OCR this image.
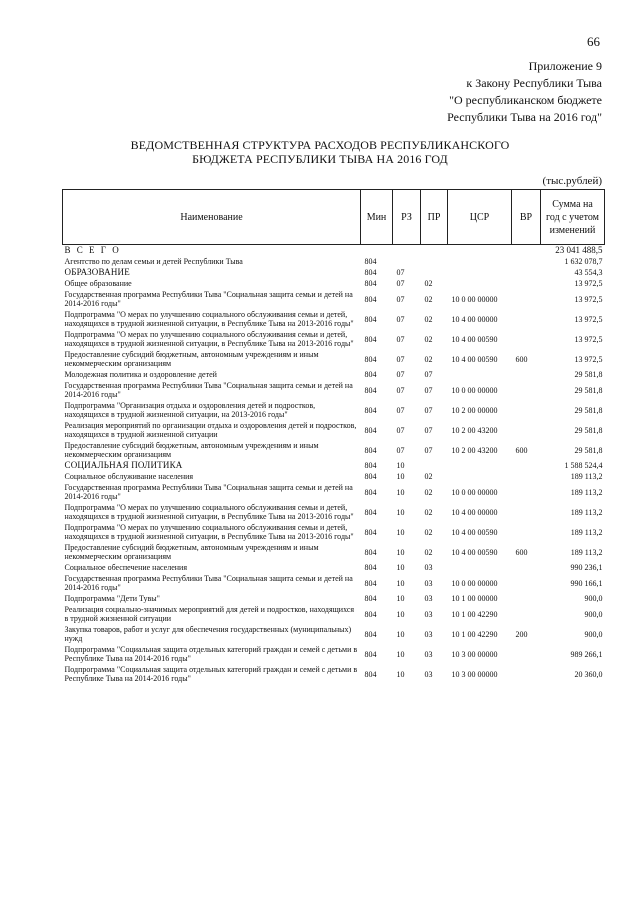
66
Приложение 9
к Закону Республики Тыва
"О республиканском бюджете
Республики Тыва на 2016 год"
ВЕДОМСТВЕННАЯ СТРУКТУРА РАСХОДОВ РЕСПУБЛИКАНСКОГО
БЮДЖЕТА РЕСПУБЛИКИ ТЫВА НА 2016 ГОД
(тыс.рублей)
Наименование	Мин	РЗ	ПР	ЦСР	ВР	Сумма на
год с учетом
изменений

В С Е Г О						23 041 488,5
Агентство по делам семьи и детей Республики Тыва	804					1 632 078,7
ОБРАЗОВАНИЕ	804	07				43 554,3
Общее образование	804	07	02			13 972,5
Государственная программа Республики Тыва "Социальная защита семьи и детей на 2014-2016 годы"	804	07	02	10 0 00 00000		13 972,5
Подпрограмма "О мерах по улучшению социального обслуживания семьи и детей, находящихся в трудной жизненной ситуации, в Республике Тыва на 2013-2016 годы"	804	07	02	10 4 00 00000		13 972,5
Подпрограмма "О мерах по улучшению социального обслуживания семьи и детей, находящихся в трудной жизненной ситуации, в Республике Тыва на 2013-2016 годы"	804	07	02	10 4 00 00590		13 972,5
Предоставление субсидий бюджетным, автономным учреждениям и иным некоммерческим организациям	804	07	02	10 4 00 00590	600	13 972,5
Молодежная политика и оздоровление детей	804	07	07			29 581,8
Государственная программа Республики Тыва "Социальная защита семьи и детей на 2014-2016 годы"	804	07	07	10 0 00 00000		29 581,8
Подпрограмма "Организация отдыха и оздоровления детей и подростков, находящихся в трудной жизненной ситуации, на 2013-2016 годы"	804	07	07	10 2 00 00000		29 581,8
Реализация мероприятий по организации отдыха и оздоровления детей и подростков, находящихся в трудной жизненной ситуации	804	07	07	10 2 00 43200		29 581,8
Предоставление субсидий бюджетным, автономным учреждениям и иным некоммерческим организациям	804	07	07	10 2 00 43200	600	29 581,8
СОЦИАЛЬНАЯ ПОЛИТИКА	804	10				1 588 524,4
Социальное обслуживание населения	804	10	02			189 113,2
Государственная программа Республики Тыва "Социальная защита семьи и детей на 2014-2016 годы"	804	10	02	10 0 00 00000		189 113,2
Подпрограмма "О мерах по улучшению социального обслуживания семьи и детей, находящихся в трудной жизненной ситуации, в Республике Тыва на 2013-2016 годы"	804	10	02	10 4 00 00000		189 113,2
Подпрограмма "О мерах по улучшению социального обслуживания семьи и детей, находящихся в трудной жизненной ситуации, в Республике Тыва на 2013-2016 годы"	804	10	02	10 4 00 00590		189 113,2
Предоставление субсидий бюджетным, автономным учреждениям и иным некоммерческим организациям	804	10	02	10 4 00 00590	600	189 113,2
Социальное обеспечение населения	804	10	03			990 236,1
Государственная программа Республики Тыва "Социальная защита семьи и детей на 2014-2016 годы"	804	10	03	10 0 00 00000		990 166,1
Подпрограмма "Дети Тувы"	804	10	03	10 1 00 00000		900,0
Реализация социально-значимых мероприятий для детей и подростков, находящихся в трудной жизненной ситуации	804	10	03	10 1 00 42290		900,0
Закупка товаров, работ и услуг для обеспечения государственных (муниципальных) нужд	804	10	03	10 1 00 42290	200	900,0
Подпрограмма "Социальная защита отдельных категорий граждан и семей с детьми в Республике Тыва на 2014-2016 годы"	804	10	03	10 3 00 00000		989 266,1
Подпрограмма "Социальная защита отдельных категорий граждан и семей с детьми в Республике Тыва на 2014-2016 годы"	804	10	03	10 3 00 00000		20 360,0
